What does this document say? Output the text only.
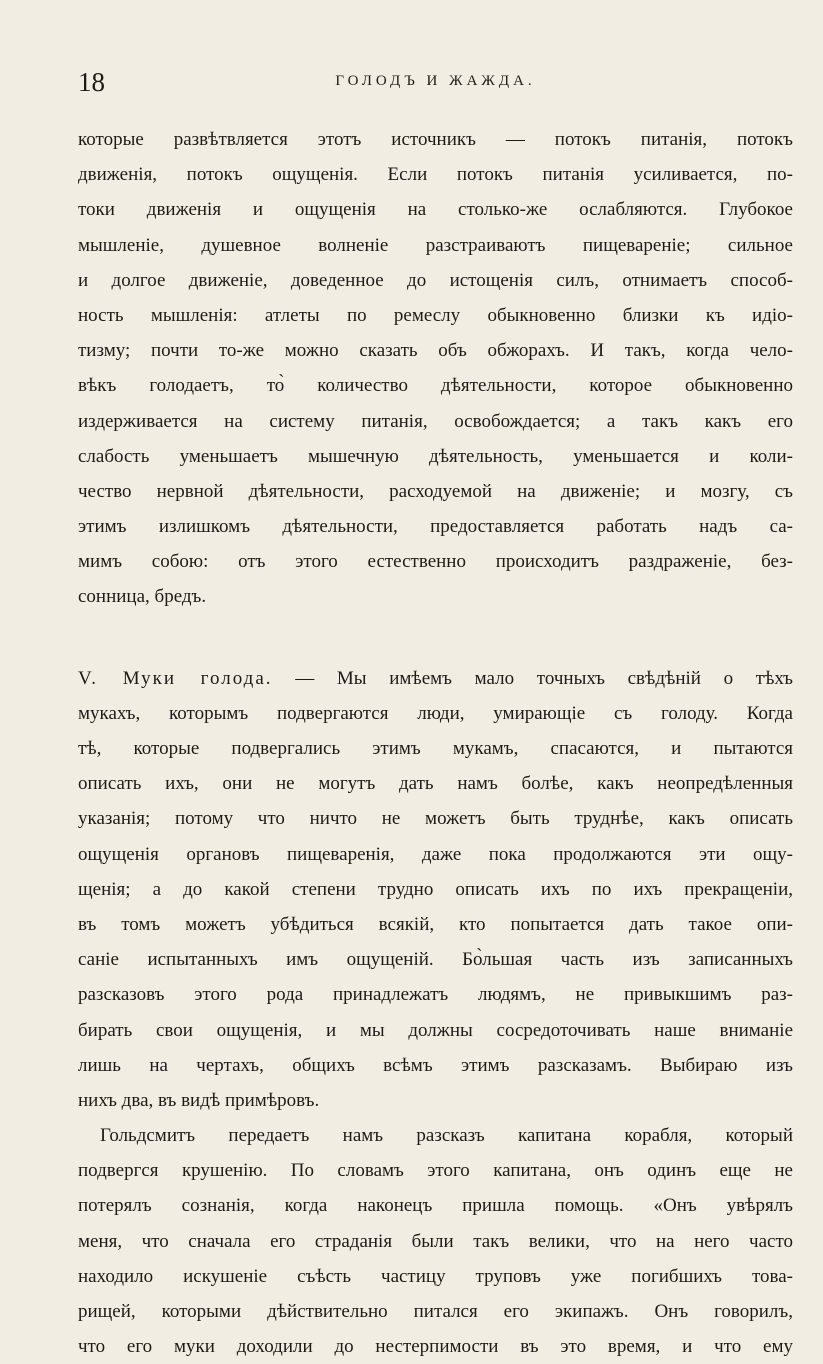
18	ГОЛОДЪ И ЖАЖДА.
которые развѣтвляется этотъ источникъ — потокъ питанія, потокъ
движенія, потокъ ощущенія. Если потокъ питанія усиливается, по-
токи движенія и ощущенія на столько-же ослабляются. Глубокое
мышленіе, душевное волненіе разстраиваютъ пищевареніе; сильное
и долгое движеніе, доведенное до истощенія силъ, отнимаетъ способ-
ность мышленія: атлеты по ремеслу обыкновенно близки къ идіо-
тизму; почти то-же можно сказать объ обжорахъ. И такъ, когда чело-
вѣкъ голодаетъ, то̀ количество дѣятельности, которое обыкновенно
издерживается на систему питанія, освобождается; а такъ какъ его
слабость уменьшаетъ мышечную дѣятельность, уменьшается и коли-
чество нервной дѣятельности, расходуемой на движеніе; и мозгу, съ
этимъ излишкомъ дѣятельности, предоставляется работать надъ са-
мимъ собою: отъ этого естественно происходитъ раздраженіе, без-
сонница, бредъ.
V. Муки голода. — Мы имѣемъ мало точныхъ свѣдѣній о тѣхъ
мукахъ, которымъ подвергаются люди, умирающіе съ голоду. Когда
тѣ, которые подвергались этимъ мукамъ, спасаются, и пытаются
описать ихъ, они не могутъ дать намъ болѣе, какъ неопредѣленныя
указанія; потому что ничто не можетъ быть труднѣе, какъ описать
ощущенія органовъ пищеваренія, даже пока продолжаются эти ощу-
щенія; а до какой степени трудно описать ихъ по ихъ прекращеніи,
въ томъ можетъ убѣдиться всякій, кто попытается дать такое опи-
саніе испытанныхъ имъ ощущеній. Бо̀льшая часть изъ записанныхъ
разсказовъ этого рода принадлежатъ людямъ, не привыкшимъ раз-
бирать свои ощущенія, и мы должны сосредоточивать наше вниманіе
лишь на чертахъ, общихъ всѣмъ этимъ разсказамъ. Выбираю изъ
нихъ два, въ видѣ примѣровъ.
Гольдсмитъ передаетъ намъ разсказъ капитана корабля, который
подвергся крушенію. По словамъ этого капитана, онъ одинъ еще не
потерялъ сознанія, когда наконецъ пришла помощь. «Онъ увѣрялъ
меня, что сначала его страданія были такъ велики, что на него часто
находило искушеніе съѣсть частицу труповъ уже погибшихъ това-
рищей, которыми дѣйствительно питался его экипажъ. Онъ говорилъ,
что его муки доходили до нестерпимости въ это время, и что ему
